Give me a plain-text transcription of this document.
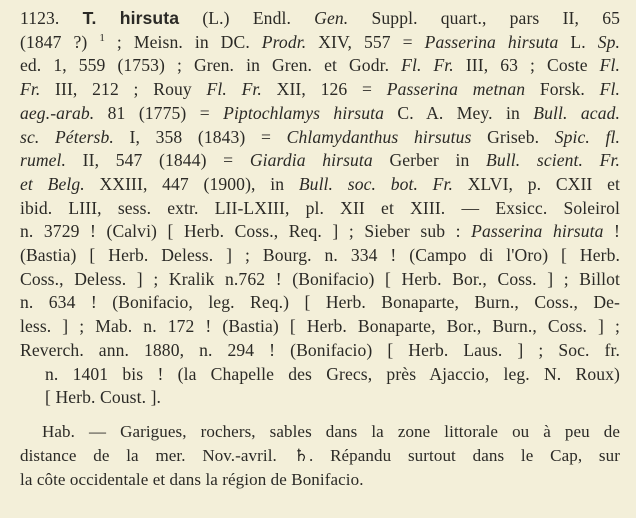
1123. T. hirsuta (L.) Endl. Gen. Suppl. quart., pars II, 65
(1847 ?) $^1$ ; Meisn. in DC. Prodr. XIV, 557 = Passerina hirsuta L. Sp.
ed. 1, 559 (1753) ; Gren. in Gren. et Godr. Fl. Fr. III, 63 ; Coste Fl.
Fr. III, 212 ; Rouy Fl. Fr. XII, 126 = Passerina metnan Forsk. Fl.
aeg.-arab. 81 (1775) = Piptochlamys hirsuta C. A. Mey. in Bull. acad.
sc. Pétersb. I, 358 (1843) = Chlamydanthus hirsutus Griseb. Spic. fl.
rumel. II, 547 (1844) = Giardia hirsuta Gerber in Bull. scient. Fr.
et Belg. XXIII, 447 (1900), in Bull. soc. bot. Fr. XLVI, p. CXII et
ibid. LIII, sess. extr. LII-LXIII, pl. XII et XIII. — Exsicc. Soleirol
n. 3729 ! (Calvi) [ Herb. Coss., Req. ] ; Sieber sub : Passerina hirsuta !
(Bastia) [ Herb. Deless. ] ; Bourg. n. 334 ! (Campo di l'Oro) [ Herb.
Coss., Deless. ] ; Kralik n.762 ! (Bonifacio) [ Herb. Bor., Coss. ] ; Billot
n. 634 ! (Bonifacio, leg. Req.) [ Herb. Bonaparte, Burn., Coss., De-
less. ] ; Mab. n. 172 ! (Bastia) [ Herb. Bonaparte, Bor., Burn., Coss. ] ;
Reverch. ann. 1880, n. 294 ! (Bonifacio) [ Herb. Laus. ] ; Soc. fr.
n. 1401 bis ! (la Chapelle des Grecs, près Ajaccio, leg. N. Roux)
[ Herb. Coust. ].
Hab. — Garigues, rochers, sables dans la zone littorale ou à peu de
distance de la mer. Nov.-avril. ♄. Répandu surtout dans le Cap, sur
la côte occidentale et dans la région de Bonifacio.
